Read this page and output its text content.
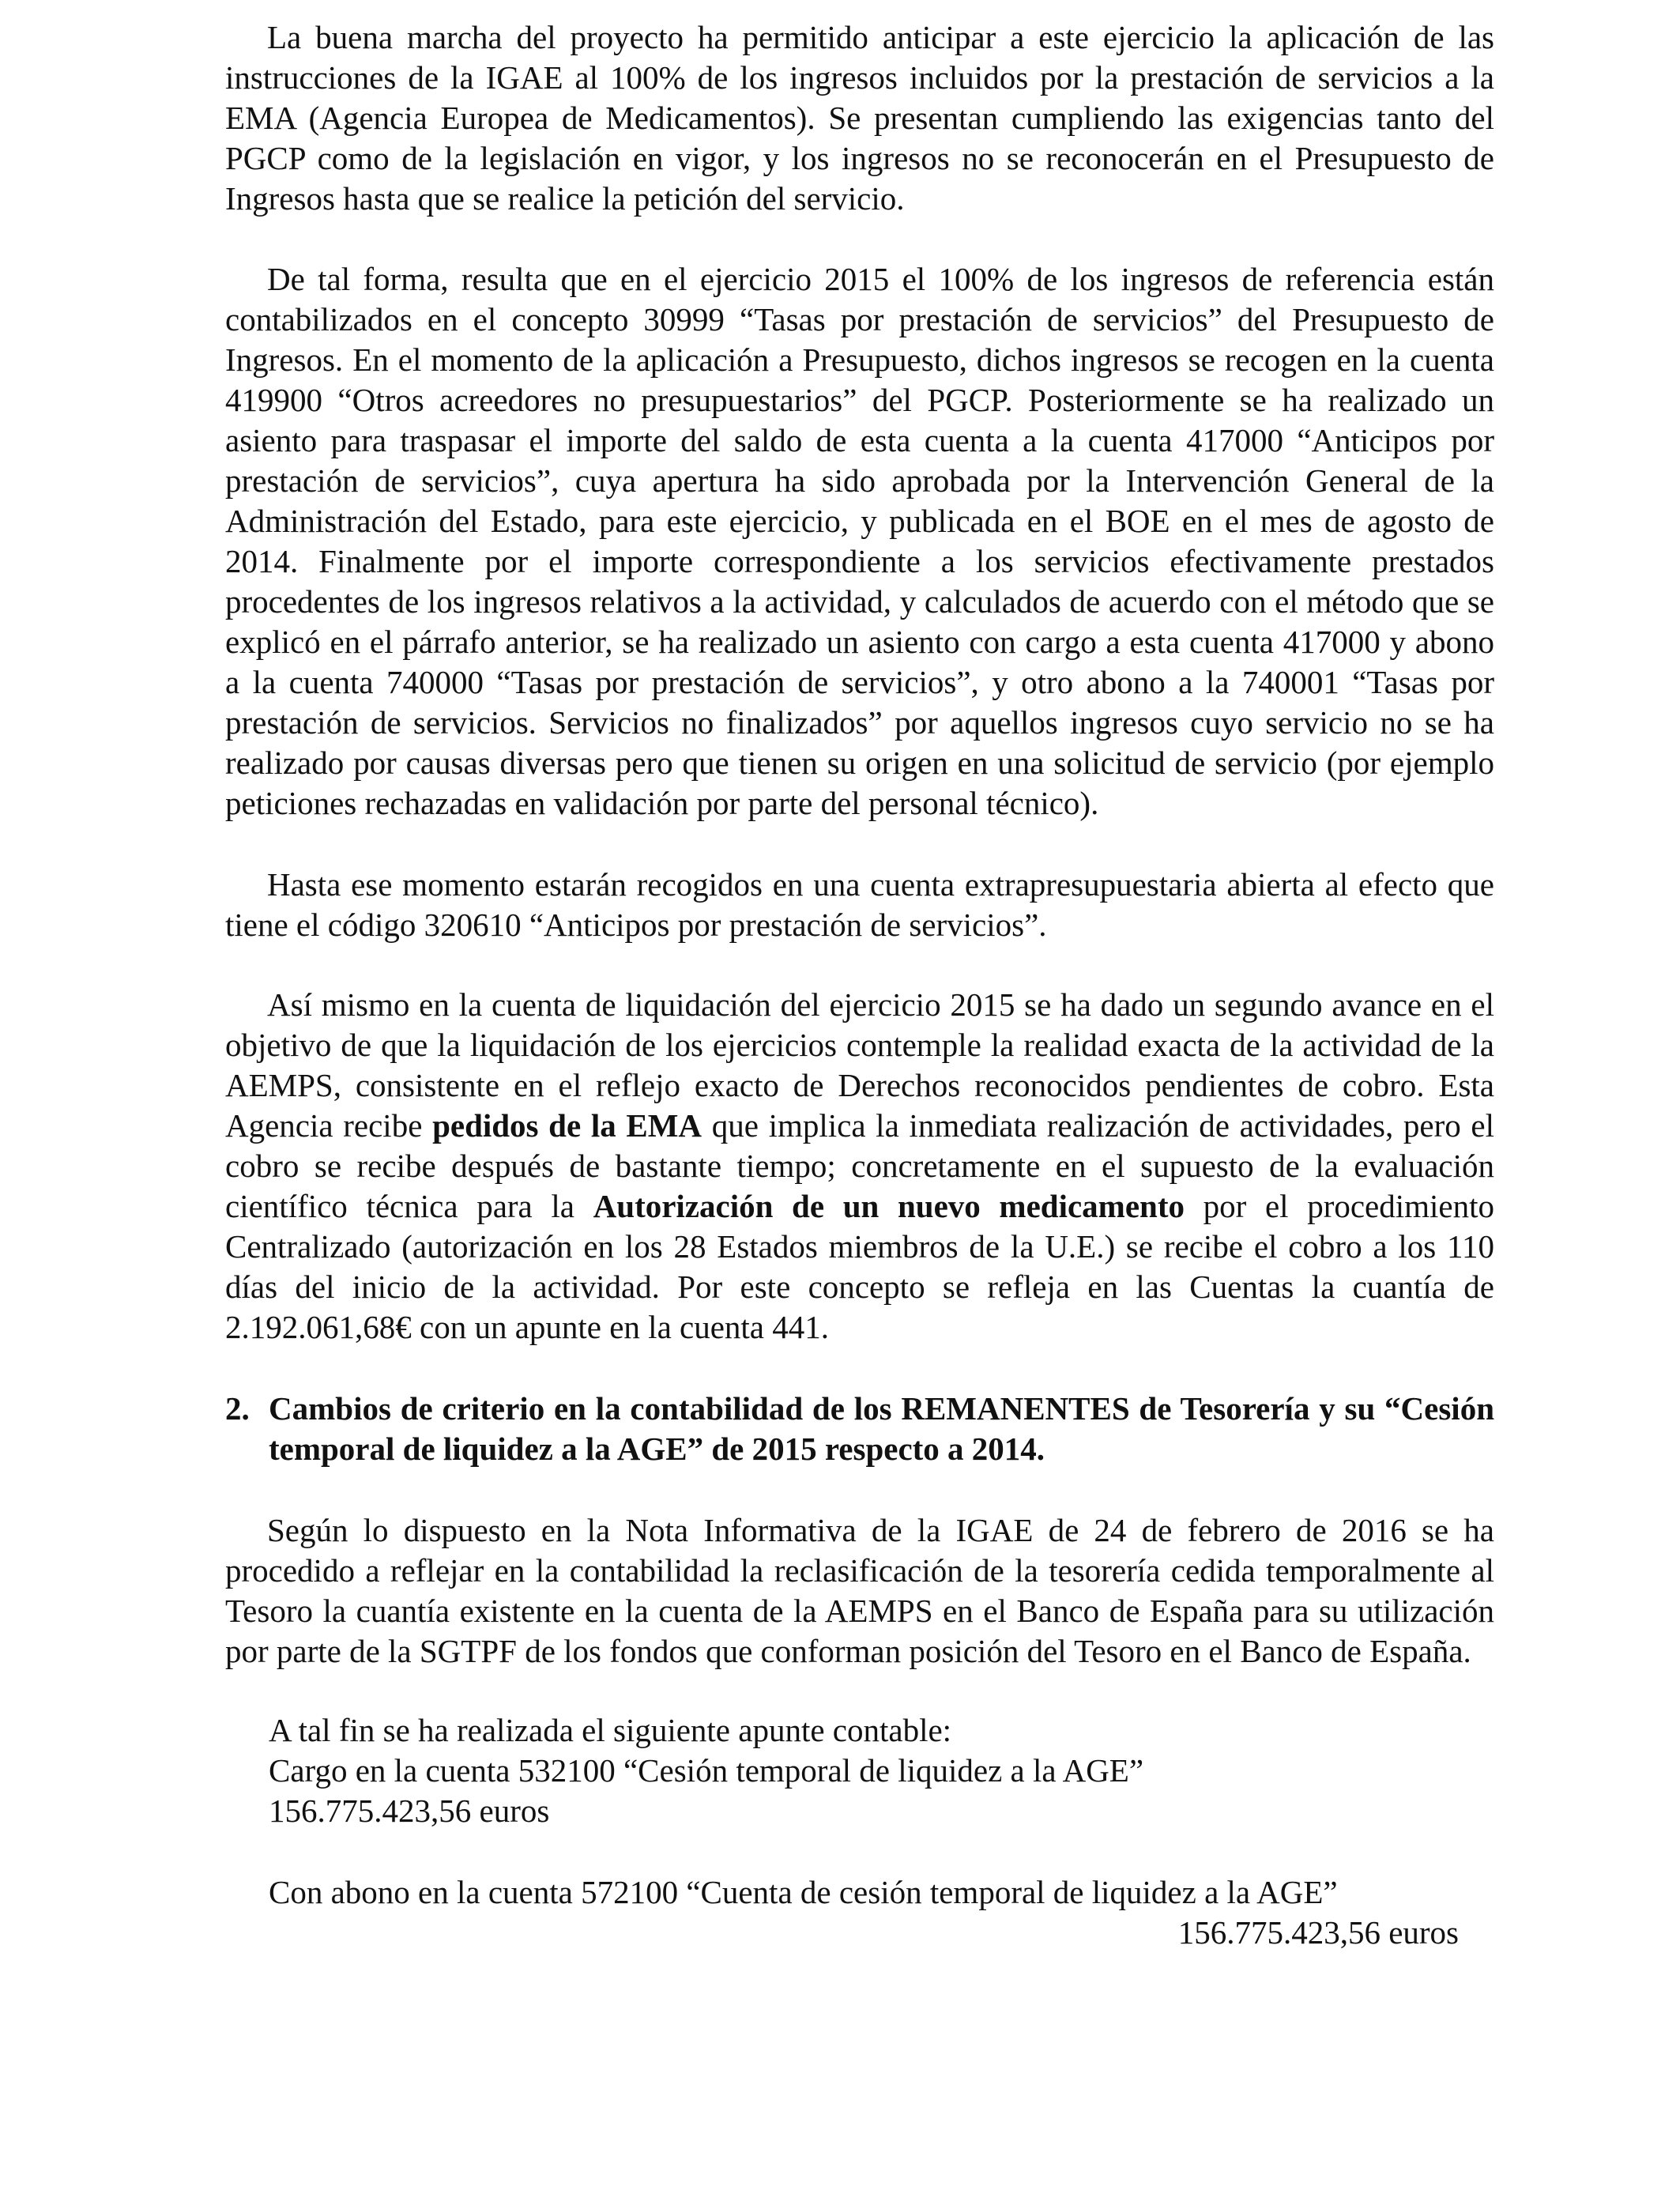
La buena marcha del proyecto ha permitido anticipar a este ejercicio la aplicación de las instrucciones de la IGAE al 100% de los ingresos incluidos por la prestación de servicios a la EMA (Agencia Europea de Medicamentos). Se presentan cumpliendo las exigencias tanto del PGCP como de la legislación en vigor, y los ingresos no se reconocerán en el Presupuesto de Ingresos hasta que se realice la petición del servicio.

De tal forma, resulta que en el ejercicio 2015 el 100% de los ingresos de referencia están contabilizados en el concepto 30999 “Tasas por prestación de servicios” del Presupuesto de Ingresos. En el momento de la aplicación a Presupuesto, dichos ingresos se recogen en la cuenta 419900 “Otros acreedores no presupuestarios” del PGCP. Posteriormente se ha realizado un asiento para traspasar el importe del saldo de esta cuenta a la cuenta 417000 “Anticipos por prestación de servicios”, cuya apertura ha sido aprobada por la Intervención General de la Administración del Estado, para este ejercicio, y publicada en el BOE en el mes de agosto de 2014. Finalmente por el importe correspondiente a los servicios efectivamente prestados procedentes de los ingresos relativos a la actividad, y calculados de acuerdo con el método que se explicó en el párrafo anterior, se ha realizado un asiento con cargo a esta cuenta 417000 y abono a la cuenta 740000 “Tasas por prestación de servicios”, y otro abono a la 740001 “Tasas por prestación de servicios. Servicios no finalizados” por aquellos ingresos cuyo servicio no se ha realizado por causas diversas pero que tienen su origen en una solicitud de servicio (por ejemplo peticiones rechazadas en validación por parte del personal técnico).

Hasta ese momento estarán recogidos en una cuenta extrapresupuestaria abierta al efecto que tiene el código 320610 “Anticipos por prestación de servicios”.

Así mismo en la cuenta de liquidación del ejercicio 2015 se ha dado un segundo avance en el objetivo de que la liquidación de los ejercicios contemple la realidad exacta de la actividad de la AEMPS, consistente en el reflejo exacto de Derechos reconocidos pendientes de cobro. Esta Agencia recibe pedidos de la EMA que implica la inmediata realización de actividades, pero el cobro se recibe después de bastante tiempo; concretamente en el supuesto de la evaluación científico técnica para la Autorización de un nuevo medicamento por el procedimiento Centralizado (autorización en los 28 Estados miembros de la U.E.) se recibe el cobro a los 110 días del inicio de la actividad. Por este concepto se refleja en las Cuentas la cuantía de 2.192.061,68€ con un apunte en la cuenta 441.

2. Cambios de criterio en la contabilidad de los REMANENTES de Tesorería y su “Cesión temporal de liquidez a la AGE” de 2015 respecto a 2014.

Según lo dispuesto en la Nota Informativa de la IGAE de 24 de febrero de 2016 se ha procedido a reflejar en la contabilidad la reclasificación de la tesorería cedida temporalmente al Tesoro la cuantía existente en la cuenta de la AEMPS en el Banco de España para su utilización por parte de la SGTPF de los fondos que conforman posición del Tesoro en el Banco de España.

A tal fin se ha realizada el siguiente apunte contable:

Cargo en la cuenta 532100 “Cesión temporal de liquidez a la AGE”

156.775.423,56 euros

Con abono en la cuenta 572100 “Cuenta de cesión temporal de liquidez a la AGE”

156.775.423,56 euros
